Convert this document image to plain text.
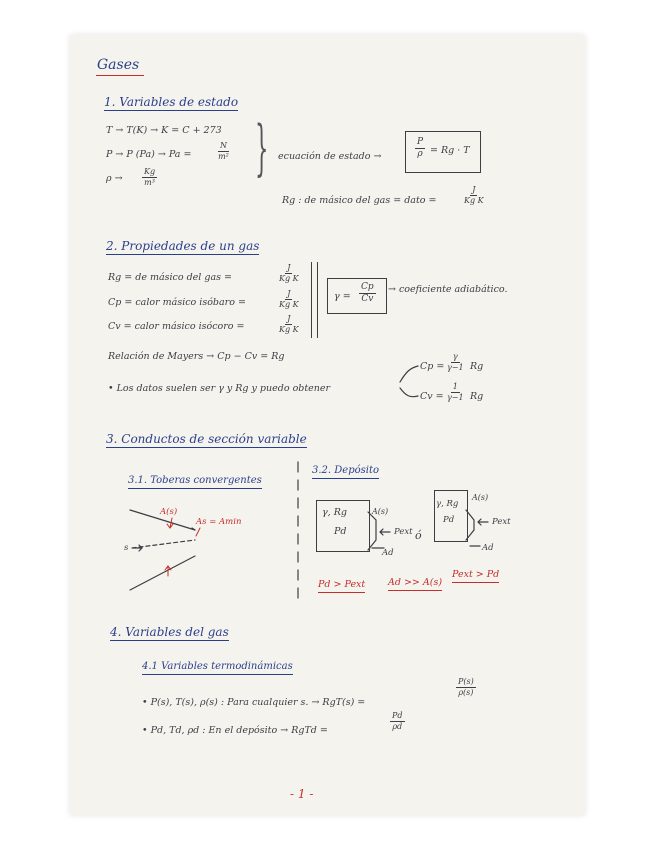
Gases
1. Variables de estado
T → T(K) → K = C + 273
P → P (Pa) → Pa =	$\frac{N}{\text{m²}}$
$\rho \to \frac{Kg}{\text{m³}}$ } ecuación de estado →	$\frac{P}{\rho} = Rg \cdot T$
Rg : de másico del gas = dato =	$\frac{J}{\text{Kg K}}$
2. Propiedades de un gas
Rg = de másico del gas =	$\frac{J}{\text{Kg K}}$
Cp = calor másico isóbaro =	$\frac{J}{\text{Kg K}}$
Cv = calor másico isócoro =	$\frac{J}{\text{Kg K}}$
$\gamma = \frac{Cp}{Cv}$ → coeficiente adiabático.
Relación de Mayers → Cp − Cv = Rg
• Los datos suelen ser γ y Rg y puedo obtener
$Cp = \frac{\gamma}{\gamma-1}$ Rg
$Cv = \frac{1}{\gamma-1}$ Rg
3. Conductos de sección variable
3.1. Toberas convergentes
3.2. Depósito
A(s)
As = Amin
s
γ, Rg
Pd
A(s)
Pext
Ad
ó
γ, Rg
Pd
A(s)
Pext
Ad
Pd > Pext Ad >> A(s)
Pext > Pd
4. Variables del gas
4.1 Variables termodinámicas
• P(s), T(s), ρ(s) : Para cualquier s. → RgT(s) =
$\frac{P(s)}{\rho(s)}$
• Pd, Td, ρd : En el depósito → RgTd =	$\frac{Pd}{\rho d}$
- 1 -
